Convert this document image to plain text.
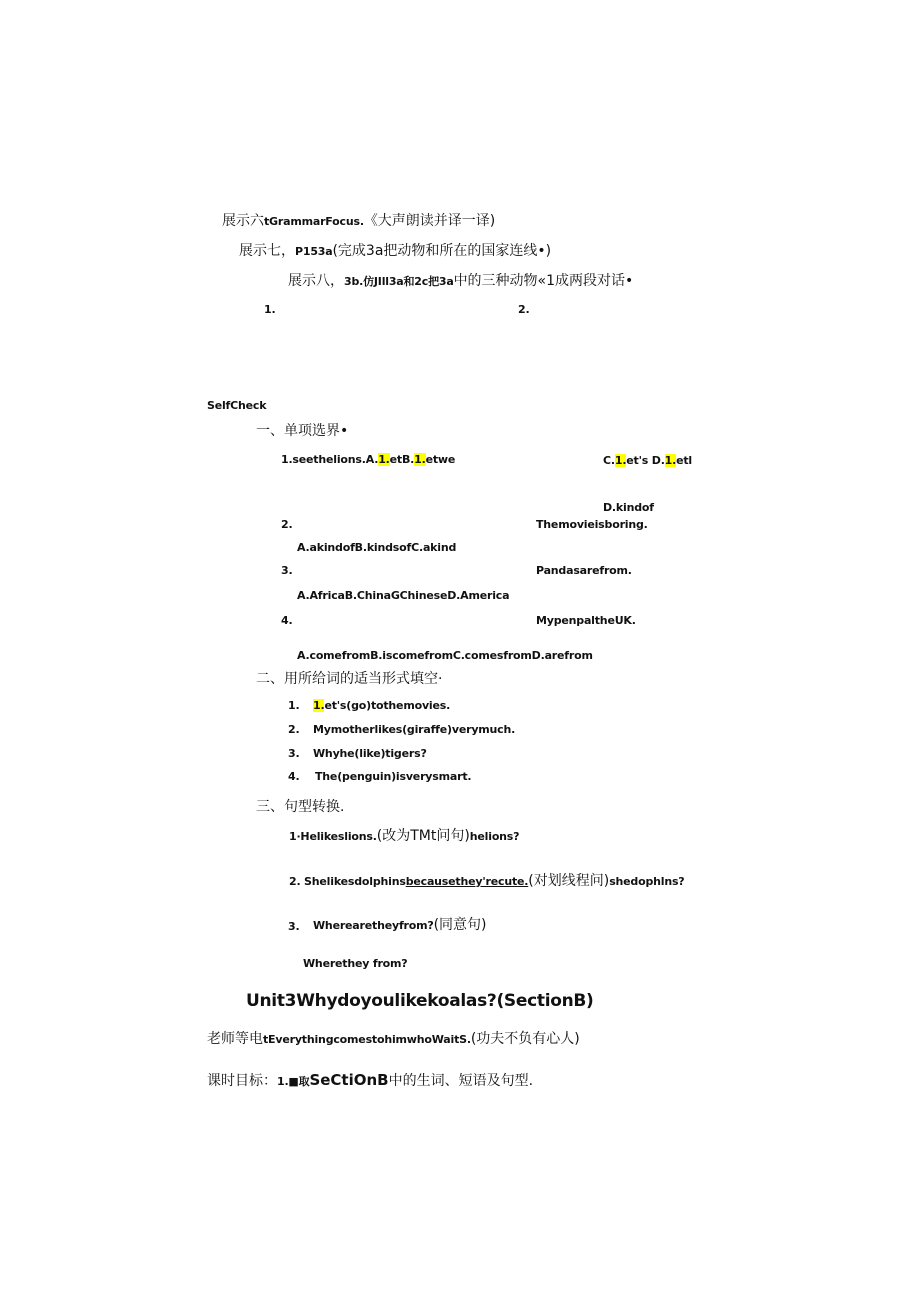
展示六tGrammarFocus.《大声朗读并译一译)
展示七，P153a(完成3a把动物和所在的国家连线•)
展示八，3b.仿JIll3a和2c把3a中的三种动物«1成两段对话•
1.	2.
SelfCheck
一、单项选界•
1.seethelions.A.1.etB.1.etwe	C.1.et's D.1.etl
D.kindof
2.	Themovieisboring.
A.akindofB.kindsofC.akind
3.	Pandasarefrom.
A.AfricaB.ChinaGChineseD.America
4.	MypenpaltheUK.
A.comefromB.iscomefromC.comesfromD.arefrom
二、用所给词的适当形式填空·
1. 1.et's(go)tothemovies.
2. Mymotherlikes(giraffe)verymuch.
3. Whyhe(like)tigers?
4. The(penguin)isverysmart.
三、句型转换.
1·Helikeslions.(改为TMt问句)helions?
2. Shelikesdolphinsbecausethey'recute.(对划线程问)shedophlns?
3. Wherearetheyfrom?(同意句)
Wherethey from?
Unit3Whydoyoulikekoalas?(SectionB)
老师等电tEverythingcomestohimwhoWaitS.(功夫不负有心人)
课时目标：1.■取SeCtiOnB中的生词、短语及句型.
